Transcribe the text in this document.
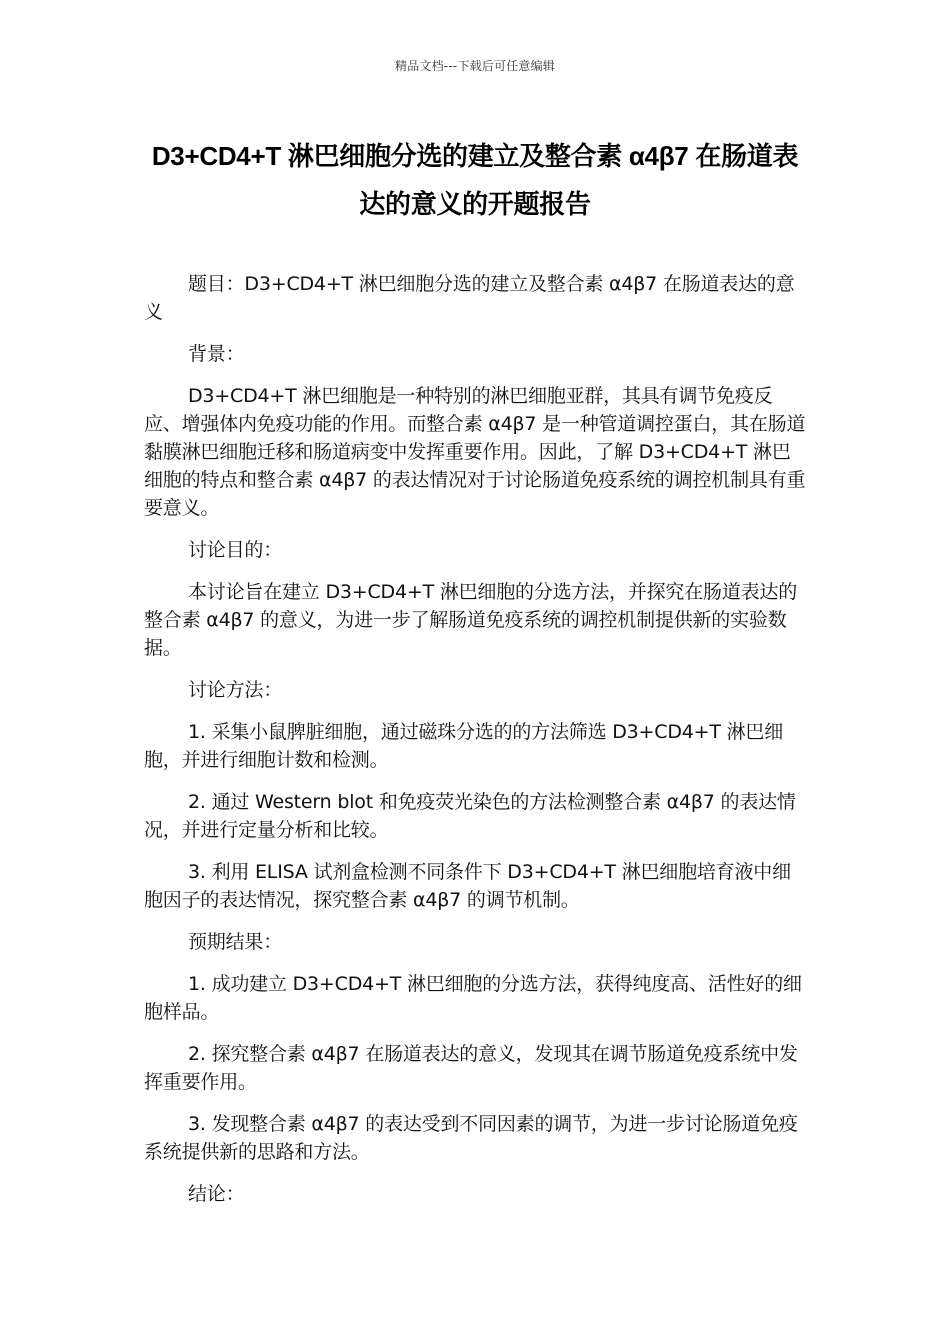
精品文档---下载后可任意编辑
D3+CD4+T 淋巴细胞分选的建立及整合素 α4β7 在肠道表达的意义的开题报告

题目：D3+CD4+T 淋巴细胞分选的建立及整合素 α4β7 在肠道表达的意义

背景：

D3+CD4+T 淋巴细胞是一种特别的淋巴细胞亚群，其具有调节免疫反应、增强体内免疫功能的作用。而整合素 α4β7 是一种管道调控蛋白，其在肠道黏膜淋巴细胞迁移和肠道病变中发挥重要作用。因此，了解 D3+CD4+T 淋巴细胞的特点和整合素 α4β7 的表达情况对于讨论肠道免疫系统的调控机制具有重要意义。

讨论目的：

本讨论旨在建立 D3+CD4+T 淋巴细胞的分选方法，并探究在肠道表达的整合素 α4β7 的意义，为进一步了解肠道免疫系统的调控机制提供新的实验数据。

讨论方法：

1. 采集小鼠脾脏细胞，通过磁珠分选的的方法筛选 D3+CD4+T 淋巴细胞，并进行细胞计数和检测。

2. 通过 Western blot 和免疫荧光染色的方法检测整合素 α4β7 的表达情况，并进行定量分析和比较。

3. 利用 ELISA 试剂盒检测不同条件下 D3+CD4+T 淋巴细胞培育液中细胞因子的表达情况，探究整合素 α4β7 的调节机制。

预期结果：

1. 成功建立 D3+CD4+T 淋巴细胞的分选方法，获得纯度高、活性好的细胞样品。

2. 探究整合素 α4β7 在肠道表达的意义，发现其在调节肠道免疫系统中发挥重要作用。

3. 发现整合素 α4β7 的表达受到不同因素的调节，为进一步讨论肠道免疫系统提供新的思路和方法。

结论：
